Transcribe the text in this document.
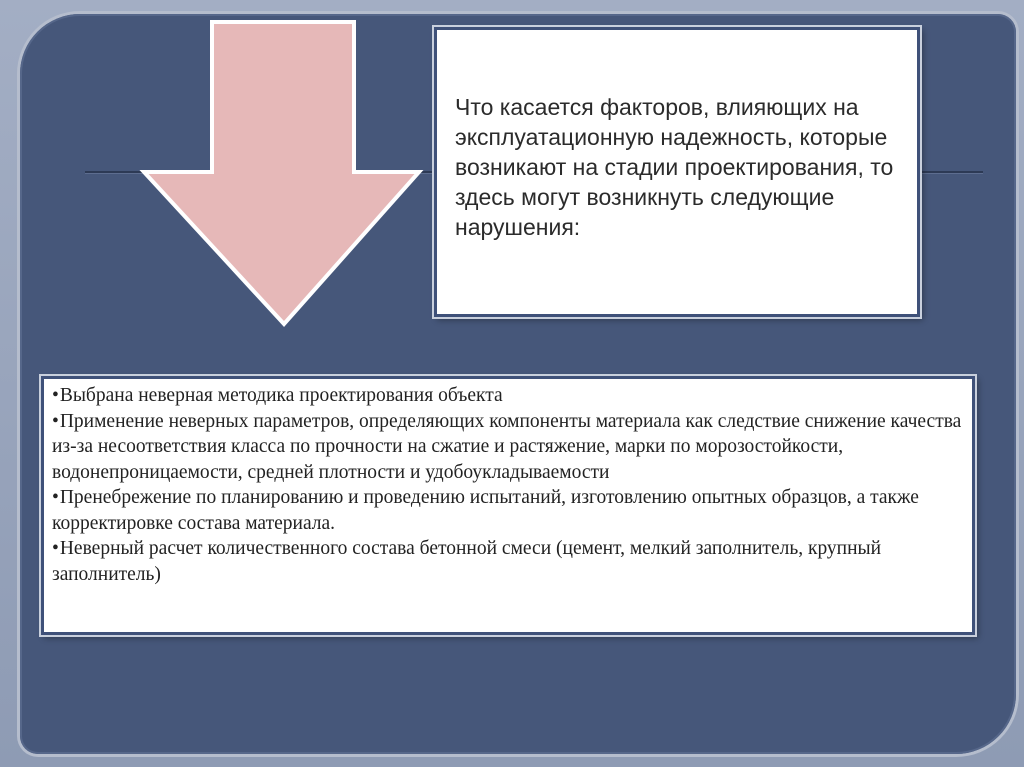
Что касается факторов, влияющих на эксплуатационную надежность, которые возникают на стадии проектирования, то здесь могут возникнуть следующие нарушения:

•Выбрана неверная методика проектирования объекта
•Применение неверных параметров, определяющих компоненты материала как следствие снижение качества из-за несоответствия класса по прочности на сжатие и растяжение, марки по морозостойкости, водонепроницаемости, средней плотности и удобоукладываемости
•Пренебрежение по планированию и проведению испытаний, изготовлению опытных образцов, а также корректировке состава материала.
•Неверный расчет количественного состава бетонной смеси (цемент, мелкий заполнитель, крупный заполнитель)
